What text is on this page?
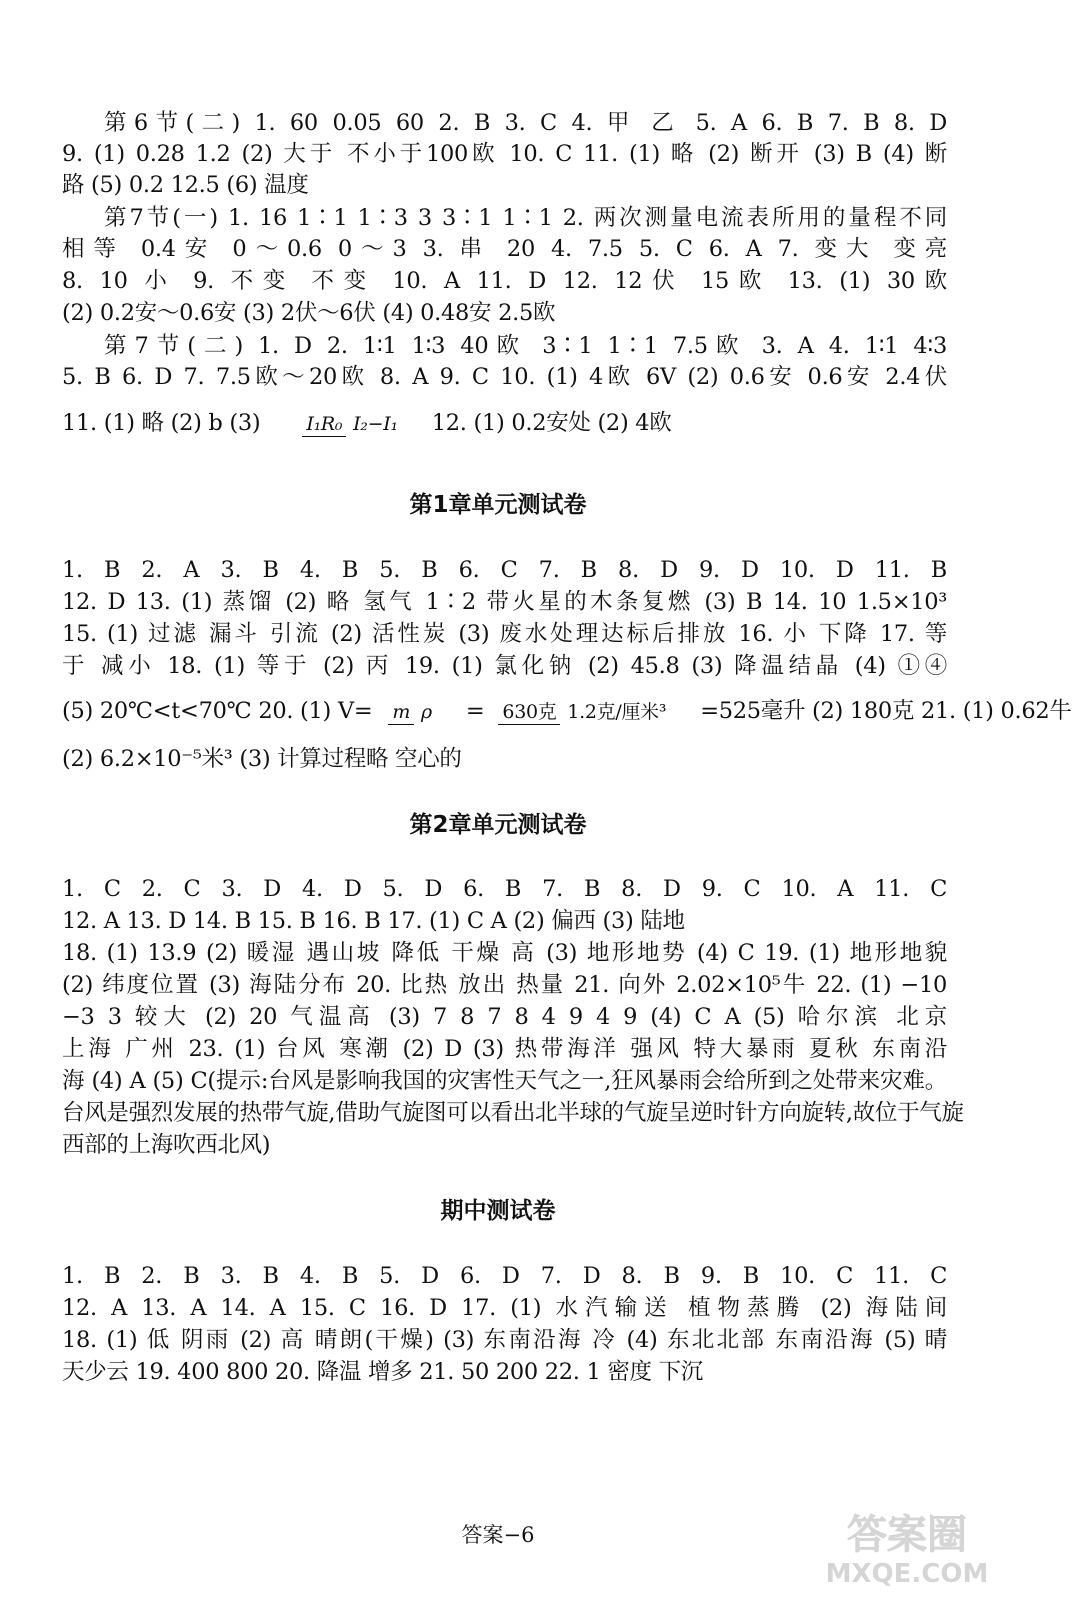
第6节(二) 1. 60 0.05 60 2. B 3. C 4. 甲 乙 5. A 6. B 7. B 8. D
9. (1) 0.28 1.2 (2) 大于 不小于100欧 10. C 11. (1) 略 (2) 断开 (3) B (4) 断
路 (5) 0.2 12.5 (6) 温度
第7节(一) 1. 16 1∶1 1∶3 3 3∶1 1∶1 2. 两次测量电流表所用的量程不同
相等 0.4安 0～0.6 0～3 3. 串 20 4. 7.5 5. C 6. A 7. 变大 变亮
8. 10 小 9. 不变 不变 10. A 11. D 12. 12伏 15欧 13. (1) 30欧
(2) 0.2安～0.6安 (3) 2伏～6伏 (4) 0.48安 2.5欧
第7节(二) 1. D 2. 1∶1 1∶3 40欧 3∶1 1∶1 7.5欧 3. A 4. 1∶1 4∶3
5. B 6. D 7. 7.5欧～20欧 8. A 9. C 10. (1) 4欧 6V (2) 0.6安 0.6安 2.4伏
11. (1) 略 (2) b (3) I₁R₀ I₂−I₁ 12. (1) 0.2安处 (2) 4欧
第1章单元测试卷
1. B 2. A 3. B 4. B 5. B 6. C 7. B 8. D 9. D 10. D 11. B
12. D 13. (1) 蒸馏 (2) 略 氢气 1∶2 带火星的木条复燃 (3) B 14. 10 1.5×10³
15. (1) 过滤 漏斗 引流 (2) 活性炭 (3) 废水处理达标后排放 16. 小 下降 17. 等
于 减小 18. (1) 等于 (2) 丙 19. (1) 氯化钠 (2) 45.8 (3) 降温结晶 (4) ①④
(5) 20℃<t<70℃ 20. (1) V= m ρ = 630克 1.2克/厘米³ =525毫升 (2) 180克 21. (1) 0.62牛
(2) 6.2×10⁻⁵米³ (3) 计算过程略 空心的
第2章单元测试卷
1. C 2. C 3. D 4. D 5. D 6. B 7. B 8. D 9. C 10. A 11. C
12. A 13. D 14. B 15. B 16. B 17. (1) C A (2) 偏西 (3) 陆地
18. (1) 13.9 (2) 暖湿 遇山坡 降低 干燥 高 (3) 地形地势 (4) C 19. (1) 地形地貌
(2) 纬度位置 (3) 海陆分布 20. 比热 放出 热量 21. 向外 2.02×10⁵牛 22. (1) −10
−3 3 较大 (2) 20 气温高 (3) 7 8 7 8 4 9 4 9 (4) C A (5) 哈尔滨 北京
上海 广州 23. (1) 台风 寒潮 (2) D (3) 热带海洋 强风 特大暴雨 夏秋 东南沿
海 (4) A (5) C(提示:台风是影响我国的灾害性天气之一,狂风暴雨会给所到之处带来灾难。
台风是强烈发展的热带气旋,借助气旋图可以看出北半球的气旋呈逆时针方向旋转,故位于气旋
西部的上海吹西北风)
期中测试卷
1. B 2. B 3. B 4. B 5. D 6. D 7. D 8. B 9. B 10. C 11. C
12. A 13. A 14. A 15. C 16. D 17. (1) 水汽输送 植物蒸腾 (2) 海陆间
18. (1) 低 阴雨 (2) 高 晴朗(干燥) (3) 东南沿海 冷 (4) 东北北部 东南沿海 (5) 晴
天少云 19. 400 800 20. 降温 增多 21. 50 200 22. 1 密度 下沉
答案−6	答案圈
MXQE.COM
